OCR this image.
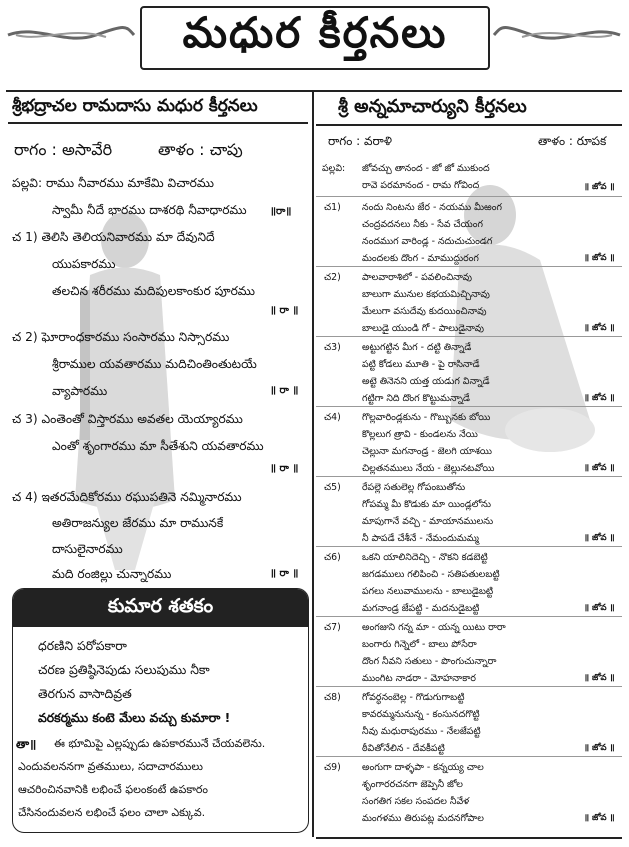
మధుర కీర్తనలు
శ్రీభద్రాచల రామదాసు మధుర కీర్తనలు
రాగం : అసావేరి	తాళం : చాపు
పల్లవి: రాము నీవారము మాకేమి విచారము
స్వామీ నీదే భారము దాశరథి నీవాధారము ॥రా॥
చ 1) తెలిసి తెలియనివారము మా దేవునిదే
యుపకారము
తలచిన శరీరము మదిపులకాంకుర పూరము
॥ రా ॥
చ 2) ఘోరాంధకారము సంసారము నిస్సారము
శ్రీరాముల యవతారము మదిచింతింతుటయే
వ్యాపారము	॥ రా ॥
చ 3) ఎంతెంతో విస్తారము అవతల యెయ్యారము
ఎంతో శృంగారము మా సీతేశుని యవతారము
॥ రా ॥
చ 4) ఇతరమేదికోరము రఘుపతినె నమ్మినారము
అతిరాజన్యుల జేరము మా రామునకే
దాసులైనారము
మది రంజిల్లు చున్నారము	॥ రా ॥
కుమార శతకం
ధరణిని పరోపకారా
చరణ ప్రతిష్ఠినెపుడు సలుపుము నీకా
తెరగున వాసాదివ్రత
వరకర్మము కంటె మేలు వచ్చు కుమారా !
తా॥ ఈ భూమిపై ఎల్లప్పుడు ఉపకారమునే చేయవలెను.
ఎందువలననగా వ్రతములు, సదాచారములు
ఆచరించినవానికి లభించే ఫలంకంటే ఉపకారం
చేసినందువలన లభించే ఫలం చాలా ఎక్కువ.
శ్రీ అన్నమాచార్యుని కీర్తనలు
రాగం : వరాళి	తాళం : రూపక
పల్లవి: జోవచ్చు తానంద - జో జో ముకుంద
రావె పరమానంద - రామ గోవింద	॥ జోవ ॥
చ1) నందు నింటను జేర - నయము మీఱంగ
చంద్రవదనలు నీకు - సేవ చేయంగ
నందముగ వారిండ్ల - నదుచుచుండగ
మందలకు దొంగ - మాముద్దురంగ	॥ జోవ ॥
చ2) పాలవారాశిలో - పవలించినావు
బాలుగా మునుల కభయమిచ్చినావు
మేలుగా వసుదేవు కుదయించినావు
బాలుడై యుండి గో - పాలుడైనావు	॥ జోవ ॥
చ3) అట్టుగట్టిన మీగ - దట్టి తిన్నాడే
పట్టి కోడలు మూతి - పై రాసినాడే
అట్టె తినెనని యత్త యడుగ విన్నాడే
గట్టిగా నిది దొంగ కొట్టుమన్నాడే	॥ జోవ ॥
చ4) గొల్లవారిండ్లకును - గొబ్బునకు బోయి
కొల్లలుగ త్రావి - కుండలను నేయి
చెల్లునా మగనాండ్ర - జెలగి యాశయి
చిల్లతనములు నేయ - జెల్లునటవోయి	॥ జోవ ॥
చ5) రేపల్లె సతులెల్ల గోపంబుతోను
గోపమ్మ మీ కొడుకు మా యిండ్లలోను
మాపుగానే వచ్చి - మాయానములను
నీ పాపడే చేశీనే - నేమందుమమ్మ	॥ జోవ ॥
చ6) ఒకని యాలినిదెచ్చి - నొకని కడబెట్టి
జగడములు గలిపించి - సతిపతులబట్టి
పగలు నలువాములను - బాలుడైబట్టి
మగనాండ్ర జేపట్టి - మదనుడైబట్టి	॥ జోవ ॥
చ7) అంగజుని గన్న మా - యన్న యిటు రారా
బంగారు గిన్నెలో - బాలు పోసేరా
దొంగ నీవని సతులు - పొంగుచున్నారా
ముంగిట నాడరా - మోహనాకార	॥ జోవ ॥
చ8) గోవర్ధనంబెల్ల - గొడుగుగాబట్టి
కావరమ్మనునున్న - కంసునదగొట్టి
నీవు మధురాపురము - నేలజేపట్టి
ఠీవితోనేలిన - దేవకీపట్టి	॥ జోవ ॥
చ9) అంగుగా దాళ్ళపా - కన్నయ్య చాల
శృంగారరచనగా జెప్పెనీ జోల
సంగతిగ సకల సంపదల నీవేళ
మంగళము తిరుపట్ల మదనగోపాల	॥ జోవ ॥
